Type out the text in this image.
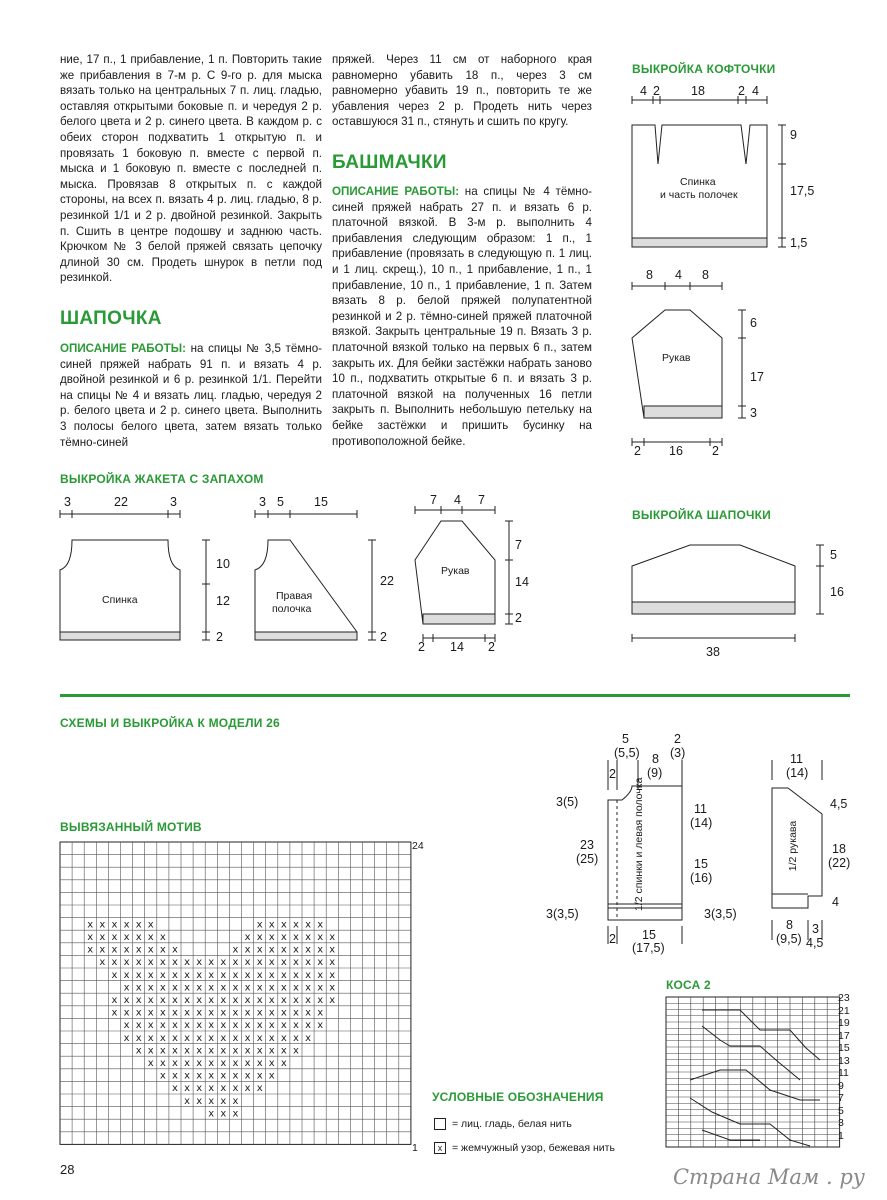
ние, 17 п., 1 прибавление, 1 п. Повторить такие же прибавления в 7-м р. С 9-го р. для мыска вязать только на центральных 7 п. лиц. гладью, оставляя открытыми боковые п. и чередуя 2 р. белого цвета и 2 р. синего цвета. В каждом р. с обеих сторон подхватить 1 открытую п. и провязать 1 боковую п. вместе с первой п. мыска и 1 боковую п. вместе с последней п. мыска. Провязав 8 открытых п. с каждой стороны, на всех п. вязать 4 р. лиц. гладью, 8 р. резинкой 1/1 и 2 р. двойной резинкой. Закрыть п. Сшить в центре подошву и заднюю часть. Крючком № 3 белой пряжей связать цепочку длиной 30 см. Продеть шнурок в петли под резинкой.

ШАПОЧКА

ОПИСАНИЕ РАБОТЫ: на спицы № 3,5 тёмно-синей пряжей набрать 91 п. и вязать 4 р. двойной резинкой и 6 р. резинкой 1/1. Перейти на спицы № 4 и вязать лиц. гладью, чередуя 2 р. белого цвета и 2 р. синего цвета. Выполнить 3 полосы белого цвета, затем вязать только тёмно-синей

пряжей. Через 11 см от наборного края равномерно убавить 18 п., через 3 см равномерно убавить 19 п., повторить те же убавления через 2 р. Продеть нить через оставшуюся 31 п., стянуть и сшить по кругу.

БАШМАЧКИ

ОПИСАНИЕ РАБОТЫ: на спицы № 4 тёмно-синей пряжей набрать 27 п. и вязать 6 р. платочной вязкой. В 3-м р. выполнить 4 прибавления следующим образом: 1 п., 1 прибавление (провязать в следующую п. 1 лиц. и 1 лиц. скрещ.), 10 п., 1 прибавление, 1 п., 1 прибавление, 10 п., 1 прибавление, 1 п. Затем вязать 8 р. белой пряжей полупатентной резинкой и 2 р. тёмно-синей пряжей платочной вязкой. Закрыть центральные 19 п. Вязать 3 р. платочной вязкой только на первых 6 п., затем закрыть их. Для бейки застёжки набрать заново 10 п., подхватить открытые 6 п. и вязать 3 р. платочной вязкой на полученных 16 петли закрыть п. Выполнить небольшую петельку на бейке застёжки и пришить бусинку на противоположной бейке.

ВЫКРОЙКА КОФТОЧКИ
ВЫКРОЙКА ЖАКЕТА С ЗАПАХОМ
ВЫКРОЙКА ШАПОЧКИ
СХЕМЫ И ВЫКРОЙКА К МОДЕЛИ 26
ВЫВЯЗАННЫЙ МОТИВ
УСЛОВНЫЕ ОБОЗНАЧЕНИЯ
КОСА 2
x x x x x x	x x x x x x
x x x x x x x	x x x x x x x x
x x x x x x x x	x x x x x x x x x
x x x x x x x x x x x x x x x x x x x x
x x x x x x x x x x x x x x x x x x x
x x x x x x x x x x x x x x x x x x
x x x x x x x x x x x x x x x x x x x
x x x x x x x x x x x x x x x x x x
x x x x x x x x x x x x x x x x x
x x x x x x x x x x x x x x x x
x x x x x x x x x x x x x x
x x x x x x x x x x x x
x x x x x x x x x x
x x x x x x x x
x x x x x
x x x
4 2 18	2 4
9
17,5
1,5
Спинка
и часть полочек
8 4 8
6
17
3
Рукав
2 16 2
3	22	3
10
12
2
Спинка
3 5 15
Правая
полочка
22
2
7 4 7
Рукав
7
14
2
2 14 2
5
16
38
5
(5,5) 8
(9)
2
(3)
2
3(5)
23
(25)
3(3,5)
11
(14)
15
(16)
3(3,5)
1/2 спинки и левая полочка
2 15
(17,5)
11
(14)
4,5
18
(22)
4
1/2 рукава
8
(9,5)
3
4,5
24
1
= лиц. гладь, белая нить
x = жемчужный узор, бежевая нить
23
21
19
17
15
13
11
9
7
5
3
1
28	Страна Мам . ру
